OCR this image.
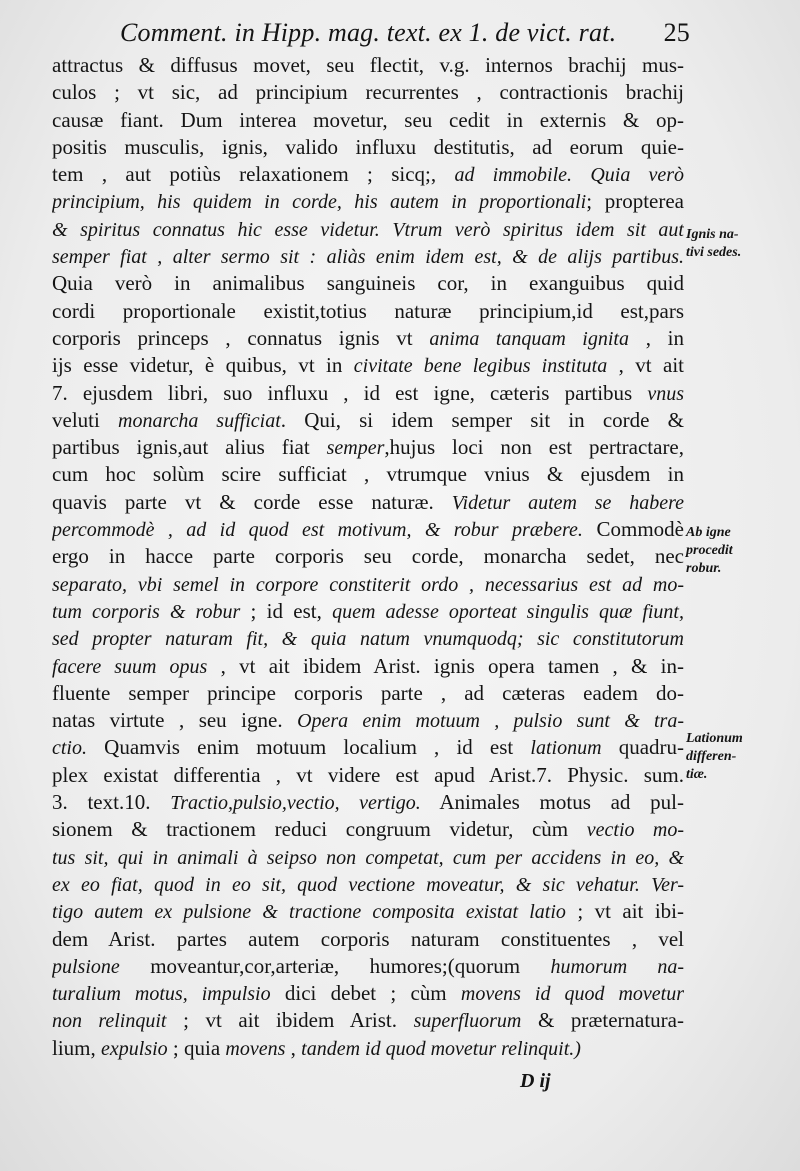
Comment. in Hipp. mag. text. ex 1. de vict. rat. 25
attractus & diffusus movet, seu flectit, v.g. internos brachij mus-
culos ; vt sic, ad principium recurrentes , contractionis brachij
causæ fiant. Dum interea movetur, seu cedit in externis & op-
positis musculis, ignis, valido influxu destitutis, ad eorum quie-
tem , aut potiùs relaxationem ; sicq;, ad immobile. Quia verò
principium, his quidem in corde, his autem in proportionali; propterea
& spiritus connatus hic esse videtur. Vtrum verò spiritus idem sit aut
semper fiat , alter sermo sit : aliàs enim idem est, & de alijs partibus.
Quia verò in animalibus sanguineis cor, in exanguibus quid
cordi proportionale existit,totius naturæ principium,id est,pars
corporis princeps , connatus ignis vt anima tanquam ignita , in
ijs esse videtur, è quibus, vt in civitate bene legibus instituta , vt ait
7. ejusdem libri, suo influxu , id est igne, cæteris partibus vnus
veluti monarcha sufficiat. Qui, si idem semper sit in corde &
partibus ignis,aut alius fiat semper,hujus loci non est pertractare,
cum hoc solùm scire sufficiat , vtrumque vnius & ejusdem in
quavis parte vt & corde esse naturæ. Videtur autem se habere
percommodè , ad id quod est motivum, & robur præbere. Commodè
ergo in hacce parte corporis seu corde, monarcha sedet, nec
separato, vbi semel in corpore constiterit ordo , necessarius est ad mo-
tum corporis & robur ; id est, quem adesse oporteat singulis quæ fiunt,
sed propter naturam fit, & quia natum vnumquodq; sic constitutorum
facere suum opus , vt ait ibidem Arist. ignis opera tamen , & in-
fluente semper principe corporis parte , ad cæteras eadem do-
natas virtute , seu igne. Opera enim motuum , pulsio sunt & tra-
ctio. Quamvis enim motuum localium , id est lationum quadru-
plex existat differentia , vt videre est apud Arist.7. Physic. sum.
3. text.10. Tractio,pulsio,vectio, vertigo. Animales motus ad pul-
sionem & tractionem reduci congruum videtur, cùm vectio mo-
tus sit, qui in animali à seipso non competat, cum per accidens in eo, &
ex eo fiat, quod in eo sit, quod vectione moveatur, & sic vehatur. Ver-
tigo autem ex pulsione & tractione composita existat latio ; vt ait ibi-
dem Arist. partes autem corporis naturam constituentes , vel
pulsione moveantur,cor,arteriæ, humores;(quorum humorum na-
turalium motus, impulsio dici debet ; cùm movens id quod movetur
non relinquit ; vt ait ibidem Arist. superfluorum & præternatura-
lium, expulsio ; quia movens , tandem id quod movetur relinquit.)
Ignis na-
tivi sedes.
Ab igne
procedit
robur.
Lationum
differen-
tiæ.
D ij
